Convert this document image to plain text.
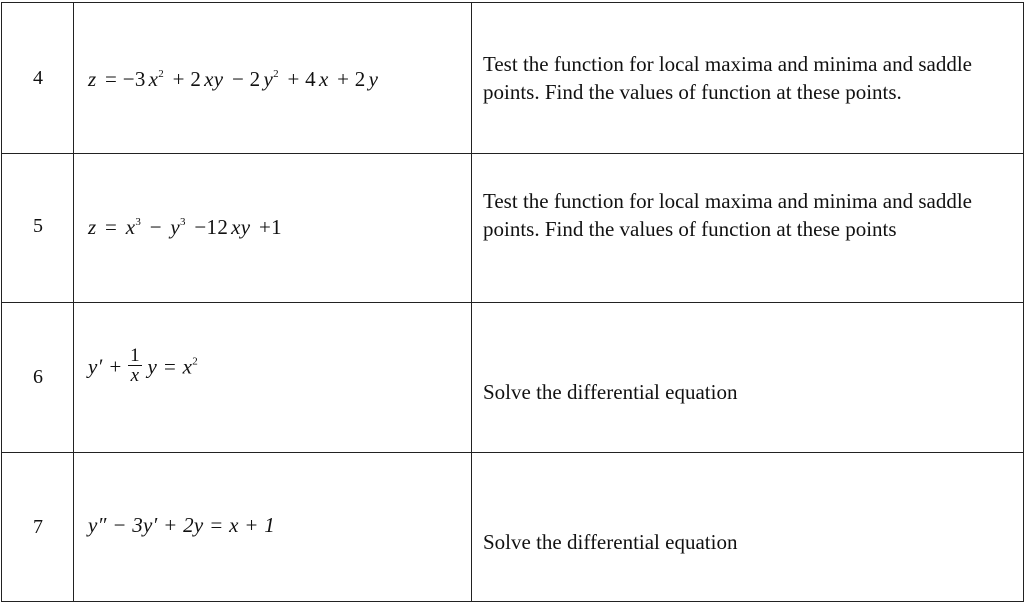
4	z = −3 $x^2 + 2$ xy − 2 $y^2 + 4$ x + 2 y	Test the function for local maxima and minima and saddle points. Find the values of function at these points.

5	$z = x^3 - y^3 -12$ xy +1	Test the function for local maxima and minima and saddle points. Find the values of function at these points

6	$y' + \frac{1}{x}$ $y = x^2$	Solve the differential equation

7	y″ − 3y′ + 2y = x + 1	Solve the differential equation
